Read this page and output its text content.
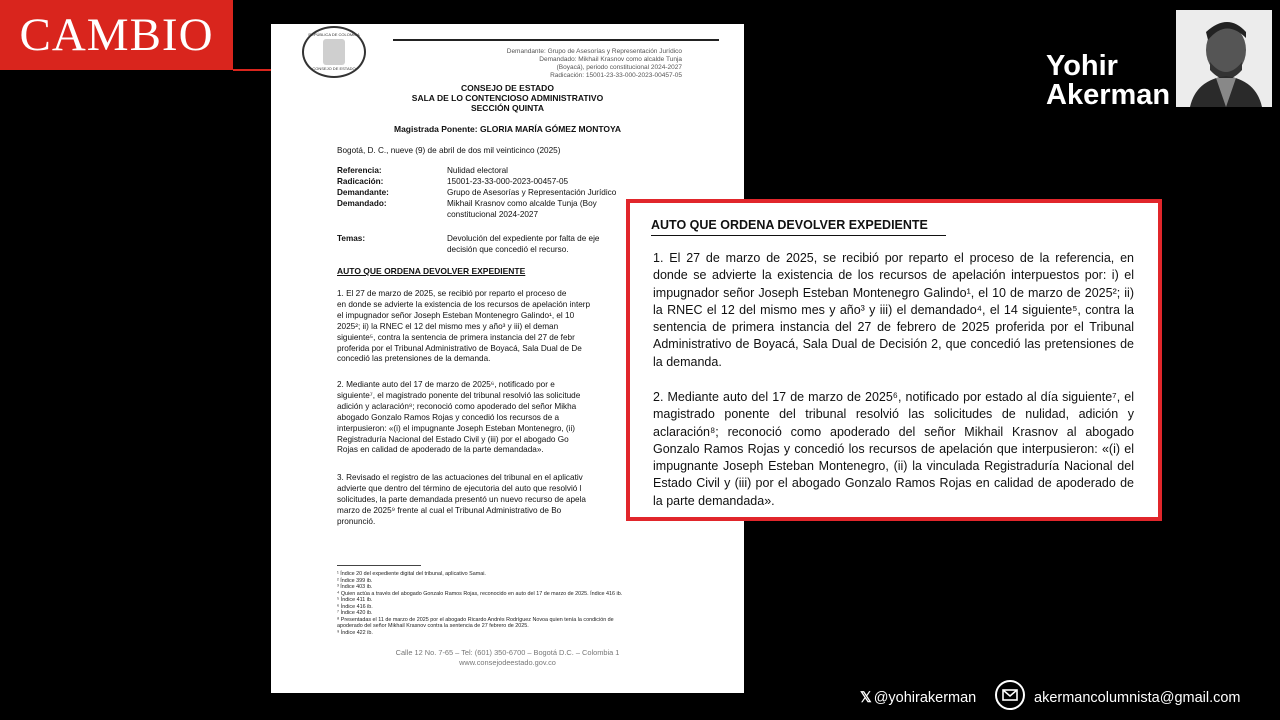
CAMBIO
Yohir
Akerman
REPÚBLICA DE COLOMBIA
CONSEJO DE ESTADO
Demandante: Grupo de Asesorías y Representación Jurídico
Demandado: Mikhail Krasnov como alcalde Tunja
(Boyacá), periodo constitucional 2024-2027
Radicación: 15001-23-33-000-2023-00457-05
CONSEJO DE ESTADO
SALA DE LO CONTENCIOSO ADMINISTRATIVO
SECCIÓN QUINTA
Magistrada Ponente: GLORIA MARÍA GÓMEZ MONTOYA
Bogotá, D. C., nueve (9) de abril de dos mil veinticinco (2025)
Referencia:	Nulidad electoral
Radicación:	15001-23-33-000-2023-00457-05
Demandante:	Grupo de Asesorías y Representación Jurídico
Demandado:	Mikhail Krasnov como alcalde Tunja (Boy
constitucional 2024-2027
Temas:	Devolución del expediente por falta de eje
decisión que concedió el recurso.
AUTO QUE ORDENA DEVOLVER EXPEDIENTE
1. El 27 de marzo de 2025, se recibió por reparto el proceso de
en donde se advierte la existencia de los recursos de apelación interp
el impugnador señor Joseph Esteban Montenegro Galindo¹, el 10
2025²; ii) la RNEC el 12 del mismo mes y año³ y iii) el deman
siguiente⁵, contra la sentencia de primera instancia del 27 de febr
proferida por el Tribunal Administrativo de Boyacá, Sala Dual de De
concedió las pretensiones de la demanda.
2. Mediante auto del 17 de marzo de 2025⁶, notificado por e
siguiente⁷, el magistrado ponente del tribunal resolvió las solicitude
adición y aclaración⁸; reconoció como apoderado del señor Mikha
abogado Gonzalo Ramos Rojas y concedió los recursos de a
interpusieron: «(i) el impugnante Joseph Esteban Montenegro, (ii)
Registraduría Nacional del Estado Civil y (iii) por el abogado Go
Rojas en calidad de apoderado de la parte demandada».
3. Revisado el registro de las actuaciones del tribunal en el aplicativ
advierte que dentro del término de ejecutoria del auto que resolvió l
solicitudes, la parte demandada presentó un nuevo recurso de apela
marzo de 2025⁹ frente al cual el Tribunal Administrativo de Bo
pronunció.
¹ Índice 20 del expediente digital del tribunal, aplicativo Samai.
² Índice 399 ib.
³ Índice 403 ib.
⁴ Quien actúa a través del abogado Gonzalo Ramos Rojas, reconocido en auto del 17 de marzo de 2025. Índice 416 ib.
⁵ Índice 411 ib.
⁶ Índice 416 ib.
⁷ Índice 420 ib.
⁸ Presentadas el 11 de marzo de 2025 por el abogado Ricardo Andrés Rodríguez Novoa quien tenía la condición de
apoderado del señor Mikhail Krasnov contra la sentencia de 27 febrero de 2025.
⁹ Índice 422 ib.
Calle 12 No. 7-65 – Tel: (601) 350-6700 – Bogotá D.C. – Colombia 1
www.consejodeestado.gov.co
AUTO QUE ORDENA DEVOLVER EXPEDIENTE
1. El 27 de marzo de 2025, se recibió por reparto el proceso de la referencia, en donde se advierte la existencia de los recursos de apelación interpuestos por: i) el impugnador señor Joseph Esteban Montenegro Galindo¹, el 10 de marzo de 2025²; ii) la RNEC el 12 del mismo mes y año³ y iii) el demandado⁴, el 14 siguiente⁵, contra la sentencia de primera instancia del 27 de febrero de 2025 proferida por el Tribunal Administrativo de Boyacá, Sala Dual de Decisión 2, que concedió las pretensiones de la demanda.
2. Mediante auto del 17 de marzo de 2025⁶, notificado por estado al día siguiente⁷, el magistrado ponente del tribunal resolvió las solicitudes de nulidad, adición y aclaración⁸; reconoció como apoderado del señor Mikhail Krasnov al abogado Gonzalo Ramos Rojas y concedió los recursos de apelación que interpusieron: «(i) el impugnante Joseph Esteban Montenegro, (ii) la vinculada Registraduría Nacional del Estado Civil y (iii) por el abogado Gonzalo Ramos Rojas en calidad de apoderado de la parte demandada».
𝕏 @yohirakerman	akermancolumnista@gmail.com
